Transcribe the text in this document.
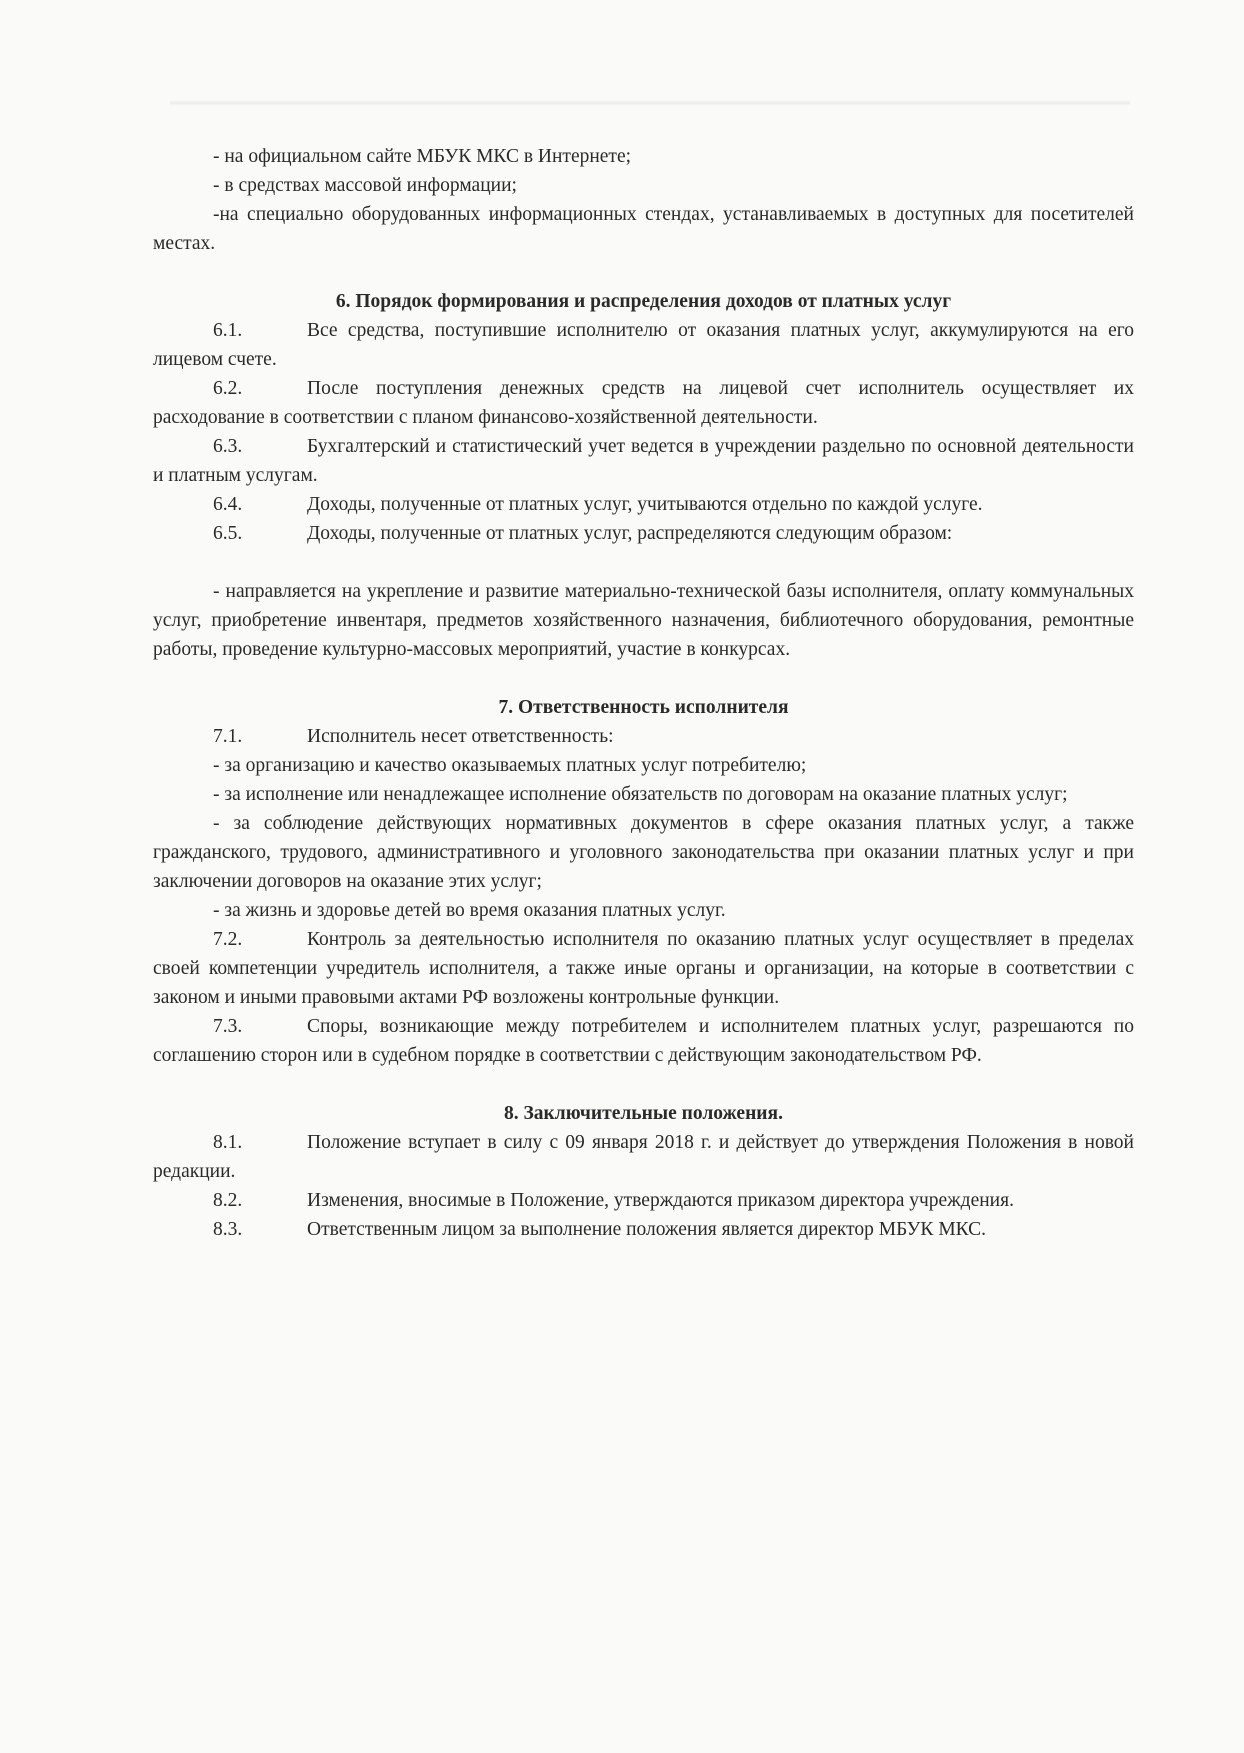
- на официальном сайте МБУК МКС в Интернете;

- в средствах массовой информации;

-на специально оборудованных информационных стендах, устанавливаемых в доступных для посетителей местах.

6. Порядок формирования и распределения доходов от платных услуг

6.1.	Все средства, поступившие исполнителю от оказания платных услуг, аккумулируются на его лицевом счете.

6.2.	После поступления денежных средств на лицевой счет исполнитель осуществляет их расходование в соответствии с планом финансово-хозяйственной деятельности.

6.3.	Бухгалтерский и статистический учет ведется в учреждении раздельно по основной деятельности и платным услугам.

6.4.	Доходы, полученные от платных услуг, учитываются отдельно по каждой услуге.

6.5.	Доходы, полученные от платных услуг, распределяются следующим образом:

- направляется на укрепление и развитие материально-технической базы исполнителя, оплату коммунальных услуг, приобретение инвентаря, предметов хозяйственного назначения, библиотечного оборудования, ремонтные работы, проведение культурно-массовых мероприятий, участие в конкурсах.

7. Ответственность исполнителя

7.1.	Исполнитель несет ответственность:

- за организацию и качество оказываемых платных услуг потребителю;

- за исполнение или ненадлежащее исполнение обязательств по договорам на оказание платных услуг;

- за соблюдение действующих нормативных документов в сфере оказания платных услуг, а также гражданского, трудового, административного и уголовного законодательства при оказании платных услуг и при заключении договоров на оказание этих услуг;

- за жизнь и здоровье детей во время оказания платных услуг.

7.2.	Контроль за деятельностью исполнителя по оказанию платных услуг осуществляет в пределах своей компетенции учредитель исполнителя, а также иные органы и организации, на которые в соответствии с законом и иными правовыми актами РФ возложены контрольные функции.

7.3.	Споры, возникающие между потребителем и исполнителем платных услуг, разрешаются по соглашению сторон или в судебном порядке в соответствии с действующим законодательством РФ.

8. Заключительные положения.

8.1.	Положение вступает в силу с 09 января 2018 г. и действует до утверждения Положения в новой редакции.

8.2.	Изменения, вносимые в Положение, утверждаются приказом директора учреждения.

8.3.	Ответственным лицом за выполнение положения является директор МБУК МКС.
